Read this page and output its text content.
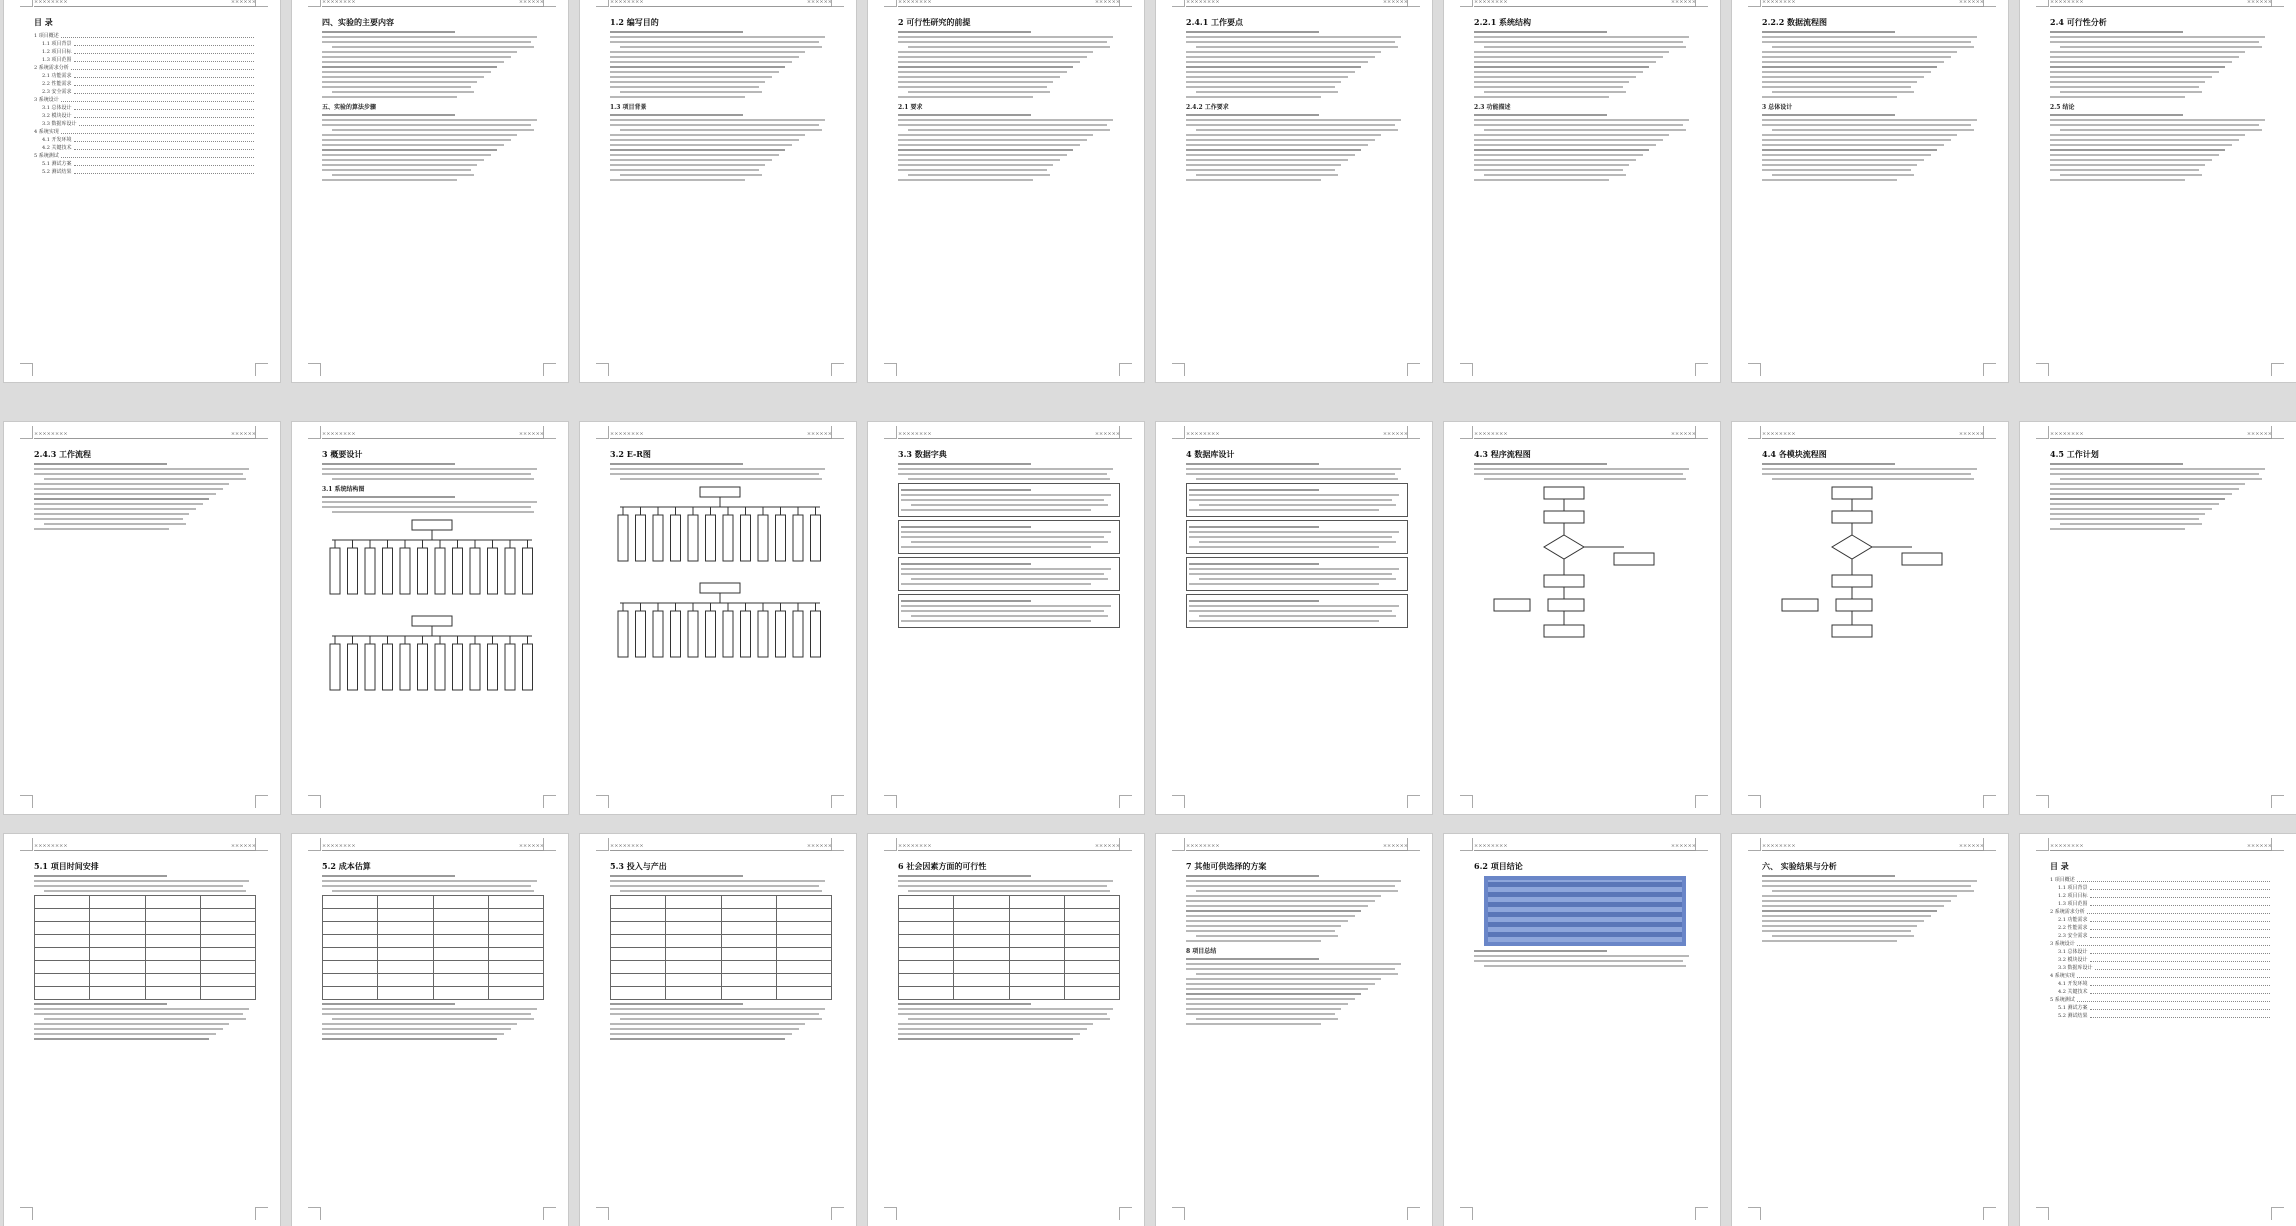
××××××××	××××××
目 录
1 项目概述
1.1 项目背景
1.2 项目目标
1.3 项目范围
2 系统需求分析
2.1 功能需求
2.2 性能需求
2.3 安全需求
3 系统设计
3.1 总体设计
3.2 模块设计
3.3 数据库设计
4 系统实现
4.1 开发环境
4.2 关键技术
5 系统测试
5.1 测试方案
5.2 测试结果
××××××××	××××××
四、实验的主要内容
五、实验的算法步骤
××××××××	××××××
1.2 编写目的
1.3 项目背景
××××××××	××××××
2 可行性研究的前提
2.1 要求
××××××××	××××××
2.4.1 工作要点
2.4.2 工作要求
××××××××	××××××
2.2.1 系统结构
2.3 功能描述
××××××××	××××××
2.2.2 数据流程图
3 总体设计
××××××××	××××××
2.4 可行性分析
2.5 结论
××××××××	××××××
2.4.3 工作流程
××××××××	××××××
3 概要设计
3.1 系统结构图
××××××××	××××××
3.2 E-R图
××××××××	××××××
3.3 数据字典
××××××××	××××××
4 数据库设计
××××××××	××××××
4.3 程序流程图
××××××××	××××××
4.4 各模块流程图
××××××××	××××××
4.5 工作计划
××××××××	××××××
5.1 项目时间安排

××××××××	××××××
5.2 成本估算

××××××××	××××××
5.3 投入与产出

××××××××	××××××
6 社会因素方面的可行性

××××××××	××××××
7 其他可供选择的方案
8 项目总结
××××××××	××××××
6.2 项目结论
××××××××	××××××
六、 实验结果与分析
××××××××	××××××
目 录
1 项目概述
1.1 项目背景
1.2 项目目标
1.3 项目范围
2 系统需求分析
2.1 功能需求
2.2 性能需求
2.3 安全需求
3 系统设计
3.1 总体设计
3.2 模块设计
3.3 数据库设计
4 系统实现
4.1 开发环境
4.2 关键技术
5 系统测试
5.1 测试方案
5.2 测试结果
